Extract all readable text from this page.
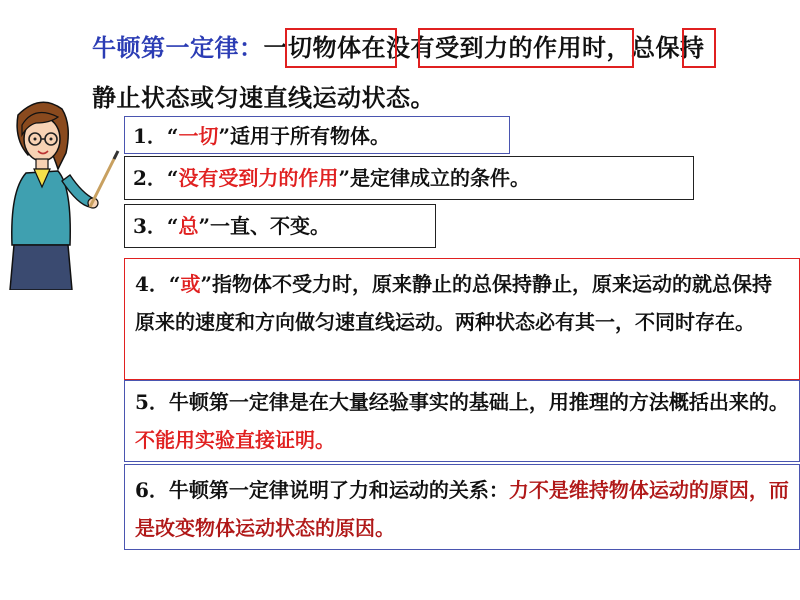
牛顿第一定律：一切物体在没有受到力的作用时，总保持
静止状态或匀速直线运动状态。
1．“一切”适用于所有物体。
2．“没有受到力的作用”是定律成立的条件。
3．“总”一直、不变。
4．“或”指物体不受力时，原来静止的总保持静止，原来运动的就总保持原来的速度和方向做匀速直线运动。两种状态必有其一，不同时存在。
5．牛顿第一定律是在大量经验事实的基础上，用推理的方法概括出来的。不能用实验直接证明。
6．牛顿第一定律说明了力和运动的关系：力不是维持物体运动的原因，而是改变物体运动状态的原因。
